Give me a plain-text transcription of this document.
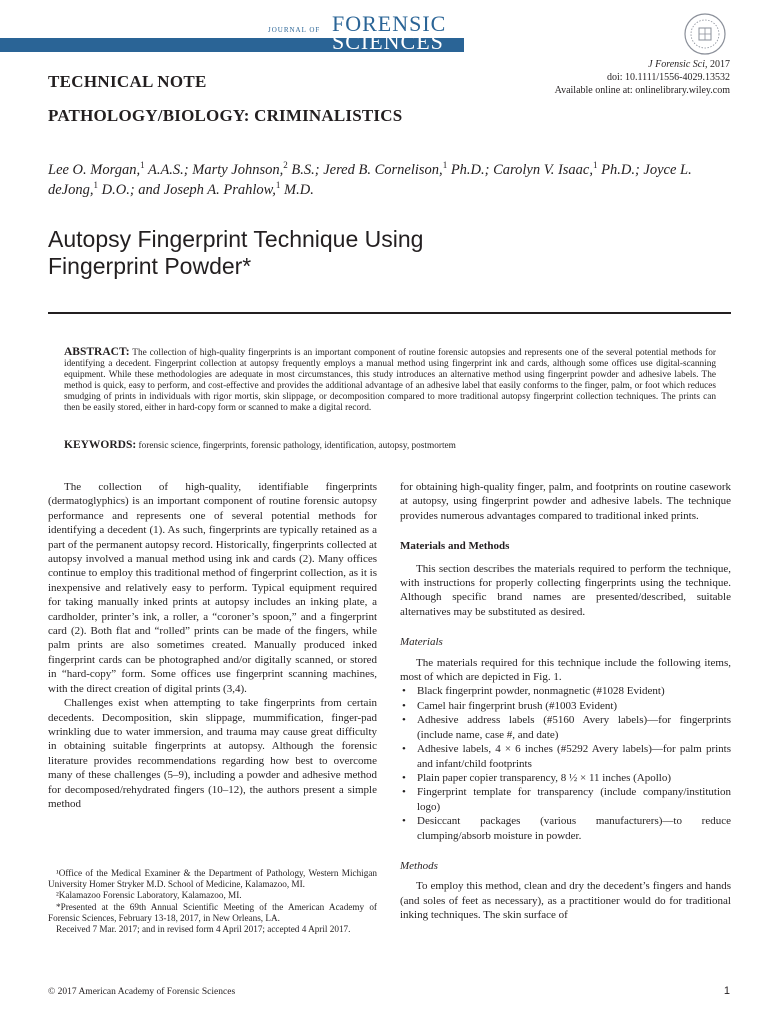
JOURNAL OF FORENSIC
SCIENCES
J Forensic Sci, 2017
doi: 10.1111/1556-4029.13532
Available online at: onlinelibrary.wiley.com
TECHNICAL NOTE
PATHOLOGY/BIOLOGY: CRIMINALISTICS
Lee O. Morgan,$^1$ A.A.S.; Marty Johnson,$^2$ B.S.; Jered B. Cornelison,$^1$ Ph.D.; Carolyn V. Isaac,$^1$ Ph.D.; Joyce L. deJong,$^1$ D.O.; and Joseph A. Prahlow,$^1$ M.D.
Autopsy Fingerprint Technique Using
Fingerprint Powder*
ABSTRACT: The collection of high-quality fingerprints is an important component of routine forensic autopsies and represents one of the several potential methods for identifying a decedent. Fingerprint collection at autopsy frequently employs a manual method using fingerprint ink and cards, although some offices use digital-scanning equipment. While these methodologies are adequate in most circumstances, this study introduces an alternative method using fingerprint powder and adhesive labels. The method is quick, easy to perform, and cost-effective and provides the additional advantage of an adhesive label that easily conforms to the finger, palm, or foot which reduces smudging of prints in individuals with rigor mortis, skin slippage, or decomposition compared to more traditional autopsy fingerprint collection techniques. The prints can then be easily stored, either in hard-copy form or scanned to make a digital record.
KEYWORDS: forensic science, fingerprints, forensic pathology, identification, autopsy, postmortem

The collection of high-quality, identifiable fingerprints (dermatoglyphics) is an important component of routine forensic autopsy performance and represents one of several potential methods for identifying a decedent (1). As such, fingerprints are typically retained as a part of the permanent autopsy record. Historically, fingerprints collected at autopsy involved a manual method using ink and cards (2). Many offices continue to employ this traditional method of fingerprint collection, as it is inexpensive and relatively easy to perform. Typical equipment required for taking manually inked prints at autopsy includes an inking plate, a cardholder, printer’s ink, a roller, a “coroner’s spoon,” and a fingerprint card (2). Both flat and “rolled” prints can be made of the fingers, while palm prints are also sometimes created. Manually produced inked fingerprint cards can be photographed and/or digitally scanned, or stored in “hard-copy” form. Some offices use fingerprint scanning machines, with the direct creation of digital prints (3,4).

Challenges exist when attempting to take fingerprints from certain decedents. Decomposition, skin slippage, mummification, finger-pad wrinkling due to water immersion, and trauma may cause great difficulty in obtaining suitable fingerprints at autopsy. Although the forensic literature provides recommendations regarding how best to overcome many of these challenges (5–9), including a powder and adhesive method for decomposed/rehydrated fingers (10–12), the authors present a simple method

for obtaining high-quality finger, palm, and footprints on routine casework at autopsy, using fingerprint powder and adhesive labels. The technique provides numerous advantages compared to traditional inked prints.

Materials and Methods

This section describes the materials required to perform the technique, with instructions for properly collecting fingerprints using the technique. Although specific brand names are presented/described, suitable alternatives may be substituted as desired.

Materials

The materials required for this technique include the following items, most of which are depicted in Fig. 1.

• Black fingerprint powder, nonmagnetic (#1028 Evident)
• Camel hair fingerprint brush (#1003 Evident)
• Adhesive address labels (#5160 Avery labels)—for fingerprints (include name, case #, and date)
• Adhesive labels, 4 × 6 inches (#5292 Avery labels)—for palm prints and infant/child footprints
• Plain paper copier transparency, 8 ½ × 11 inches (Apollo)
• Fingerprint template for transparency (include company/institution logo)
• Desiccant packages (various manufacturers)—to reduce clumping/absorb moisture in powder.
Methods

To employ this method, clean and dry the decedent’s fingers and hands (and soles of feet as necessary), as a practitioner would do for traditional inking techniques. The skin surface of

¹Office of the Medical Examiner & the Department of Pathology, Western Michigan University Homer Stryker M.D. School of Medicine, Kalamazoo, MI.

²Kalamazoo Forensic Laboratory, Kalamazoo, MI.

*Presented at the 69th Annual Scientific Meeting of the American Academy of Forensic Sciences, February 13-18, 2017, in New Orleans, LA.

Received 7 Mar. 2017; and in revised form 4 April 2017; accepted 4 April 2017.

© 2017 American Academy of Forensic Sciences	1
